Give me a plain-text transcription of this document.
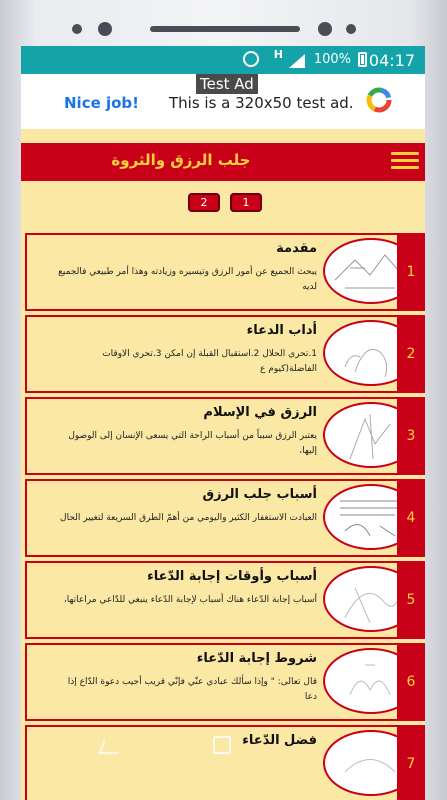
H 100% 04:17
Test Ad
Nice job! This is a 320x50 test ad.
جلب الرزق والثروة
2	1
مقدمة
يبحث الجميع عن أمور الرزق وتيسيره وزيادته وهذا أمر طبيعي فالجميع لديه
1
أداب الدعاء
1.تحري الحلال 2.استقبال القبلة إن امكن 3.تحري الاوقات الفاضلة(كيوم ع
2
الرزق في الإسلام
يعتبر الرزق سبباً من أسباب الراحة التي يسعى الإنسان إلى الوصول إليها،
3
أسباب جلب الرزق
العبادت الاستغفار الكثير واليومي من أهمّ الطرق السريعة لتغيير الحال	4
أسباب وأوقات إجابة الدّعاء
أسباب إجابة الدّعاء هناك أسباب لإجابة الدّعاء ينبغي للدّاعي مراعاتها،	5
شروط إجابة الدّعاء
قال تعالى: " وإذا سألك عبادي عنّي فإنّي قريب أجيب دعوة الدّاع إذا دعا
6
فضل الدّعاء
7
